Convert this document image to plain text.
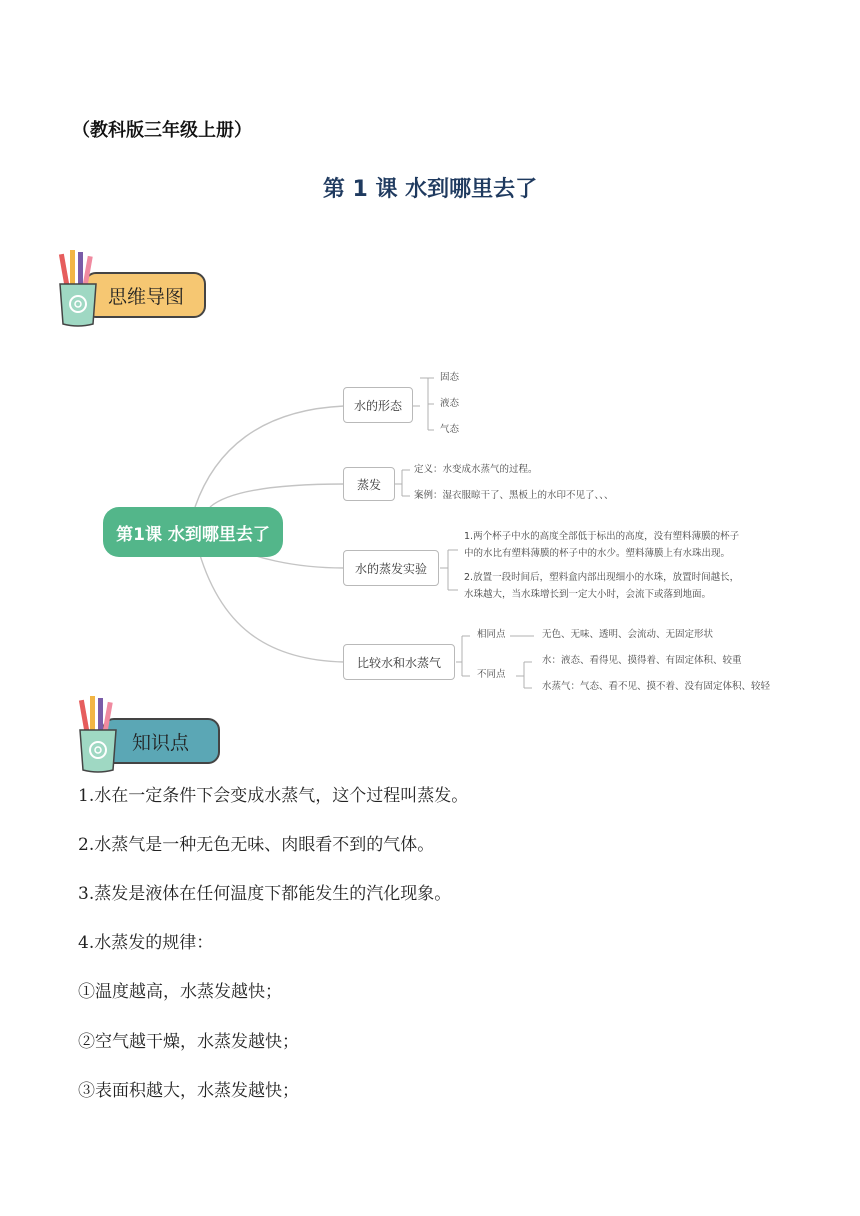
（教科版三年级上册）
第 1 课 水到哪里去了
思维导图
第1课 水到哪里去了
水的形态
固态
液态
气态
蒸发
定义：水变成水蒸气的过程。
案例：湿衣服晾干了、黑板上的水印不见了、、、
水的蒸发实验
1.两个杯子中水的高度全部低于标出的高度，没有塑料薄膜的杯子
中的水比有塑料薄膜的杯子中的水少。塑料薄膜上有水珠出现。
2.放置一段时间后，塑料盒内部出现细小的水珠，放置时间越长，
水珠越大，当水珠增长到一定大小时，会流下或落到地面。
比较水和水蒸气
相同点	无色、无味、透明、会流动、无固定形状
不同点
水：液态、看得见、摸得着、有固定体积、较重
水蒸气：气态、看不见、摸不着、没有固定体积、较轻
知识点
1.水在一定条件下会变成水蒸气，这个过程叫蒸发。
2.水蒸气是一种无色无味、肉眼看不到的气体。
3.蒸发是液体在任何温度下都能发生的汽化现象。
4.水蒸发的规律：
①温度越高，水蒸发越快；
②空气越干燥，水蒸发越快；
③表面积越大，水蒸发越快；
